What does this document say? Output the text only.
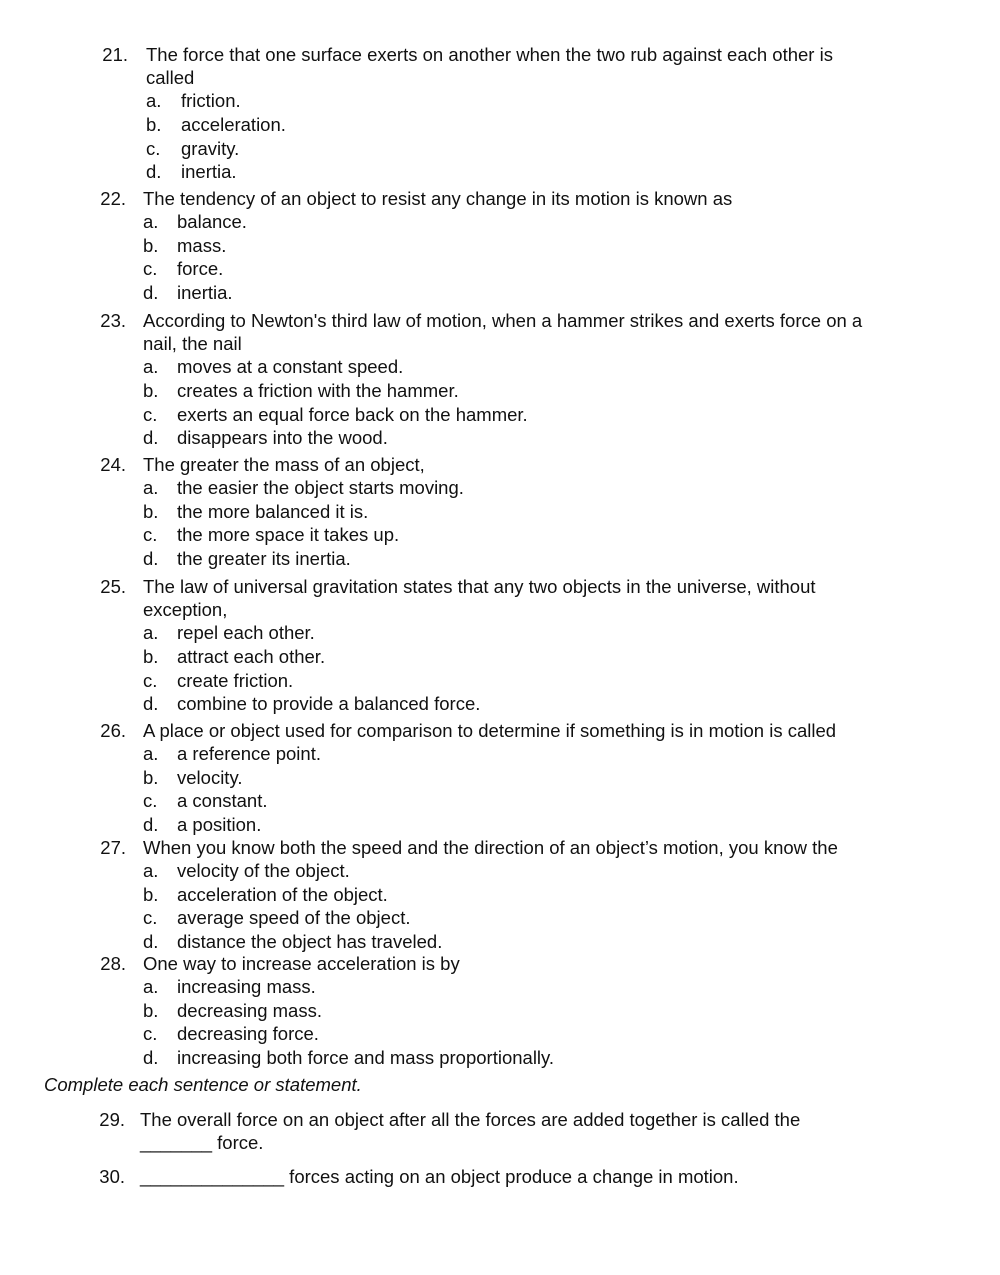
21. The force that one surface exerts on another when the two rub against each other is
called
a. friction.
b. acceleration.
c. gravity.
d. inertia.
22. The tendency of an object to resist any change in its motion is known as
a. balance.
b. mass.
c. force.
d. inertia.
23. According to Newton's third law of motion, when a hammer strikes and exerts force on a
nail, the nail
a. moves at a constant speed.
b. creates a friction with the hammer.
c. exerts an equal force back on the hammer.
d. disappears into the wood.
24. The greater the mass of an object,
a. the easier the object starts moving.
b. the more balanced it is.
c. the more space it takes up.
d. the greater its inertia.
25. The law of universal gravitation states that any two objects in the universe, without
exception,
a. repel each other.
b. attract each other.
c. create friction.
d. combine to provide a balanced force.
26. A place or object used for comparison to determine if something is in motion is called
a. a reference point.
b. velocity.
c. a constant.
d. a position.
27. When you know both the speed and the direction of an object’s motion, you know the
a. velocity of the object.
b. acceleration of the object.
c. average speed of the object.
d. distance the object has traveled.
28. One way to increase acceleration is by
a. increasing mass.
b. decreasing mass.
c. decreasing force.
d. increasing both force and mass proportionally.
Complete each sentence or statement.
29. The overall force on an object after all the forces are added together is called the
_______ force.
30. ______________ forces acting on an object produce a change in motion.
